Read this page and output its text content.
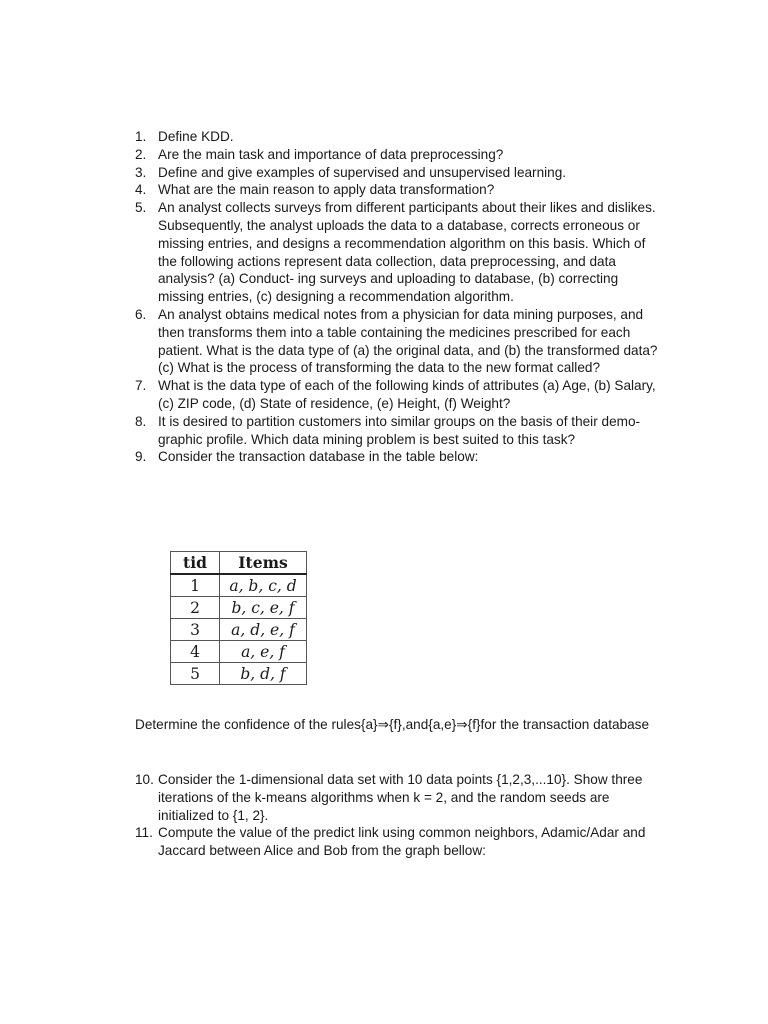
1. Define KDD.
2. Are the main task and importance of data preprocessing?
3. Define and give examples of supervised and unsupervised learning.
4. What are the main reason to apply data transformation?
5. An analyst collects surveys from different participants about their likes and dislikes. Subsequently, the analyst uploads the data to a database, corrects erroneous or missing entries, and designs a recommendation algorithm on this basis. Which of the following actions represent data collection, data preprocessing, and data analysis? (a) Conduct- ing surveys and uploading to database, (b) correcting missing entries, (c) designing a recommendation algorithm.
6. An analyst obtains medical notes from a physician for data mining purposes, and then transforms them into a table containing the medicines prescribed for each patient. What is the data type of (a) the original data, and (b) the transformed data? (c) What is the process of transforming the data to the new format called?
7. What is the data type of each of the following kinds of attributes (a) Age, (b) Salary, (c) ZIP code, (d) State of residence, (e) Height, (f) Weight?
8. It is desired to partition customers into similar groups on the basis of their demo- graphic profile. Which data mining problem is best suited to this task?
9. Consider the transaction database in the table below:
tid	Items
1	a, b, c, d
2	b, c, e, f
3	a, d, e, f
4	a, e, f
5	b, d, f

Determine the confidence of the rules{a}⇒{f},and{a,e}⇒{f}for the transaction database

10. Consider the 1-dimensional data set with 10 data points {1,2,3,...10}. Show three iterations of the k-means algorithms when k = 2, and the random seeds are initialized to {1, 2}.
11. Compute the value of the predict link using common neighbors, Adamic/Adar and Jaccard between Alice and Bob from the graph bellow:
